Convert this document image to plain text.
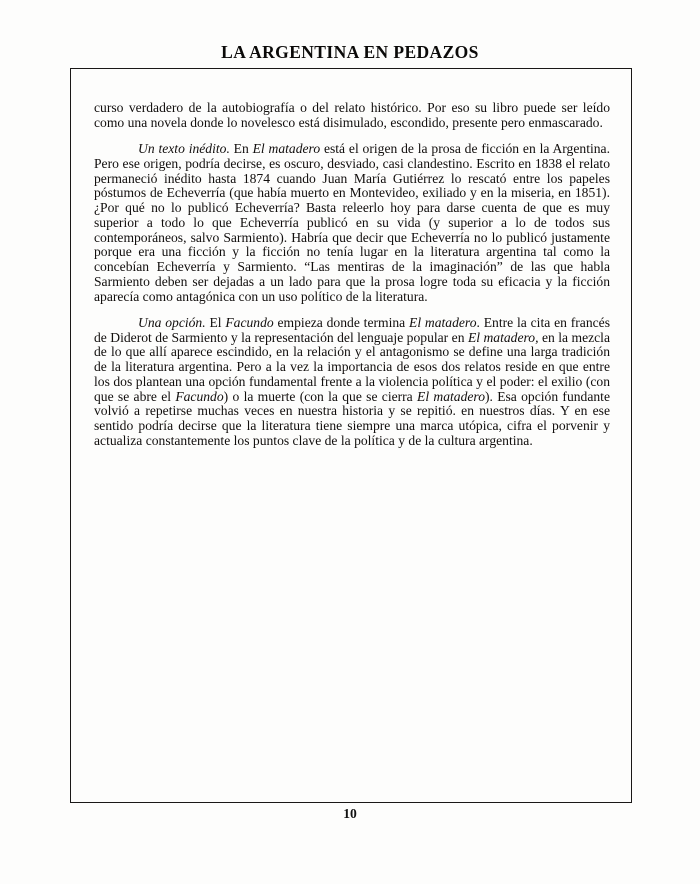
LA ARGENTINA EN PEDAZOS

curso verdadero de la autobiografía o del relato histórico. Por eso su libro puede ser leído como una novela donde lo novelesco está disimulado, escondido, presente pero enmascarado.

Un texto inédito. En El matadero está el origen de la prosa de ficción en la Argentina. Pero ese origen, podría decirse, es oscuro, desviado, casi clandestino. Escrito en 1838 el relato permaneció inédito hasta 1874 cuando Juan María Gutiérrez lo rescató entre los papeles póstumos de Echeverría (que había muerto en Montevideo, exiliado y en la miseria, en 1851). ¿Por qué no lo publicó Echeverría? Basta releerlo hoy para darse cuenta de que es muy superior a todo lo que Echeverría publicó en su vida (y superior a lo de todos sus contemporáneos, salvo Sarmiento). Habría que decir que Echeverría no lo publicó justamente porque era una ficción y la ficción no tenía lugar en la literatura argentina tal como la concebían Echeverría y Sarmiento. “Las mentiras de la imaginación” de las que habla Sarmiento deben ser dejadas a un lado para que la prosa logre toda su eficacia y la ficción aparecía como antagónica con un uso político de la literatura.

Una opción. El Facundo empieza donde termina El matadero. Entre la cita en francés de Diderot de Sarmiento y la representación del lenguaje popular en El matadero, en la mezcla de lo que allí aparece escindido, en la relación y el antagonismo se define una larga tradición de la literatura argentina. Pero a la vez la importancia de esos dos relatos reside en que entre los dos plantean una opción fundamental frente a la violencia política y el poder: el exilio (con que se abre el Facundo) o la muerte (con la que se cierra El matadero). Esa opción fundante volvió a repetirse muchas veces en nuestra historia y se repitió. en nuestros días. Y en ese sentido podría decirse que la literatura tiene siempre una marca utópica, cifra el porvenir y actualiza constantemente los puntos clave de la política y de la cultura argentina.

10
